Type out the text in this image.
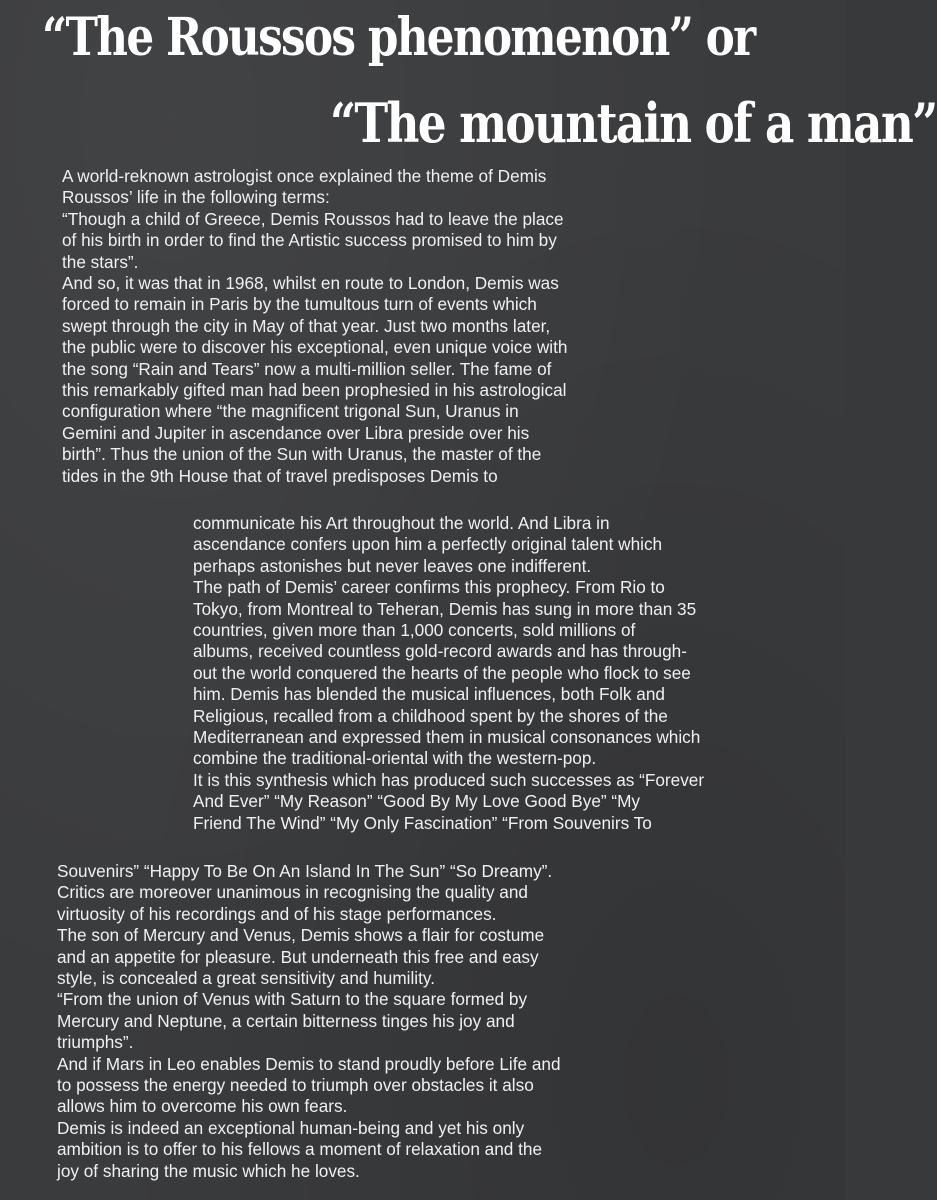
“The Roussos phenomenon” or
“The mountain of a man”
A world-reknown astrologist once explained the theme of Demis
Roussos’ life in the following terms:
“Though a child of Greece, Demis Roussos had to leave the place
of his birth in order to find the Artistic success promised to him by
the stars”.
And so, it was that in 1968, whilst en route to London, Demis was
forced to remain in Paris by the tumultous turn of events which
swept through the city in May of that year. Just two months later,
the public were to discover his exceptional, even unique voice with
the song “Rain and Tears” now a multi-million seller. The fame of
this remarkably gifted man had been prophesied in his astrological
configuration where “the magnificent trigonal Sun, Uranus in
Gemini and Jupiter in ascendance over Libra preside over his
birth”. Thus the union of the Sun with Uranus, the master of the
tides in the 9th House that of travel predisposes Demis to
communicate his Art throughout the world. And Libra in
ascendance confers upon him a perfectly original talent which
perhaps astonishes but never leaves one indifferent.
The path of Demis’ career confirms this prophecy. From Rio to
Tokyo, from Montreal to Teheran, Demis has sung in more than 35
countries, given more than 1,000 concerts, sold millions of
albums, received countless gold-record awards and has through-
out the world conquered the hearts of the people who flock to see
him. Demis has blended the musical influences, both Folk and
Religious, recalled from a childhood spent by the shores of the
Mediterranean and expressed them in musical consonances which
combine the traditional-oriental with the western-pop.
It is this synthesis which has produced such successes as “Forever
And Ever” “My Reason” “Good By My Love Good Bye” “My
Friend The Wind” “My Only Fascination” “From Souvenirs To
Souvenirs” “Happy To Be On An Island In The Sun” “So Dreamy”.
Critics are moreover unanimous in recognising the quality and
virtuosity of his recordings and of his stage performances.
The son of Mercury and Venus, Demis shows a flair for costume
and an appetite for pleasure. But underneath this free and easy
style, is concealed a great sensitivity and humility.
“From the union of Venus with Saturn to the square formed by
Mercury and Neptune, a certain bitterness tinges his joy and
triumphs”.
And if Mars in Leo enables Demis to stand proudly before Life and
to possess the energy needed to triumph over obstacles it also
allows him to overcome his own fears.
Demis is indeed an exceptional human-being and yet his only
ambition is to offer to his fellows a moment of relaxation and the
joy of sharing the music which he loves.
